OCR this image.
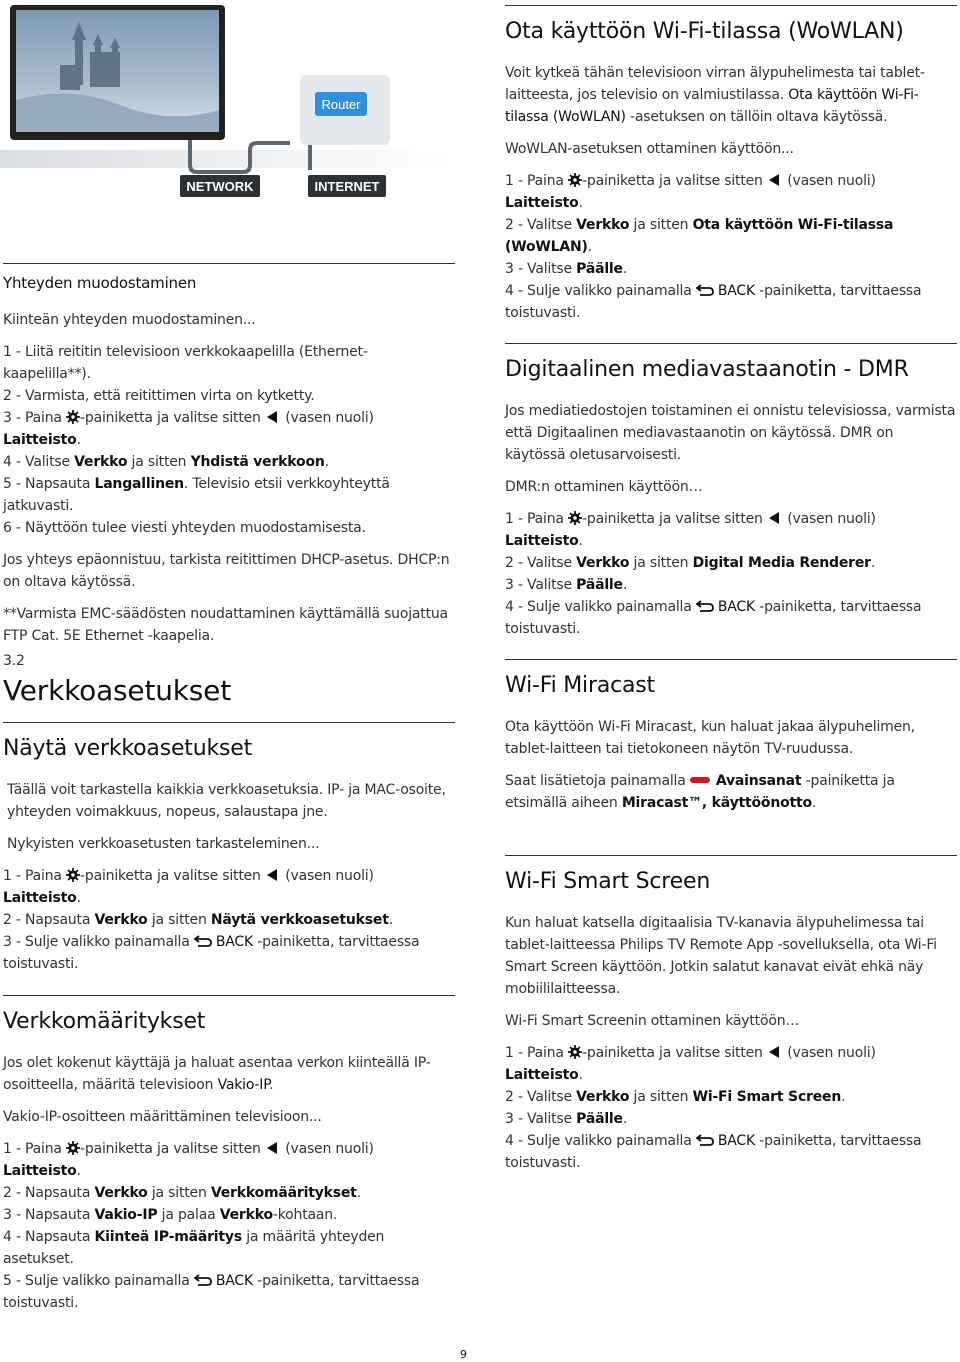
Router
NETWORK	INTERNET

Yhteyden muodostaminen

Kiinteän yhteyden muodostaminen...

1 - Liitä reititin televisioon verkkokaapelilla (Ethernet-kaapelilla**).

2 - Varmista, että reitittimen virta on kytketty.

3 - Paina -painiketta ja valitse sitten  (vasen nuoli) Laitteisto.

4 - Valitse Verkko ja sitten Yhdistä verkkoon.

5 - Napsauta Langallinen. Televisio etsii verkkoyhteyttä jatkuvasti.

6 - Näyttöön tulee viesti yhteyden muodostamisesta.

Jos yhteys epäonnistuu, tarkista reitittimen DHCP-asetus. DHCP:n on oltava käytössä.

**Varmista EMC-säädösten noudattaminen käyttämällä suojattua FTP Cat. 5E Ethernet -kaapelia.

3.2

Verkkoasetukset

Näytä verkkoasetukset

Täällä voit tarkastella kaikkia verkkoasetuksia. IP- ja MAC-osoite, yhteyden voimakkuus, nopeus, salaustapa jne.

Nykyisten verkkoasetusten tarkasteleminen...

1 - Paina -painiketta ja valitse sitten  (vasen nuoli) Laitteisto.

2 - Napsauta Verkko ja sitten Näytä verkkoasetukset.

3 - Sulje valikko painamalla BACK -painiketta, tarvittaessa toistuvasti.

Verkkomääritykset

Jos olet kokenut käyttäjä ja haluat asentaa verkon kiinteällä IP-osoitteella, määritä televisioon Vakio-IP.

Vakio-IP-osoitteen määrittäminen televisioon...

1 - Paina -painiketta ja valitse sitten  (vasen nuoli) Laitteisto.

2 - Napsauta Verkko ja sitten Verkkomääritykset.

3 - Napsauta Vakio-IP ja palaa Verkko-kohtaan.

4 - Napsauta Kiinteä IP-määritys ja määritä yhteyden asetukset.

5 - Sulje valikko painamalla BACK -painiketta, tarvittaessa toistuvasti.

Ota käyttöön Wi-Fi-tilassa (WoWLAN)

Voit kytkeä tähän televisioon virran älypuhelimesta tai tablet-laitteesta, jos televisio on valmiustilassa. Ota käyttöön Wi-Fi-tilassa (WoWLAN) -asetuksen on tällöin oltava käytössä.

WoWLAN-asetuksen ottaminen käyttöön...

1 - Paina -painiketta ja valitse sitten  (vasen nuoli) Laitteisto.

2 - Valitse Verkko ja sitten Ota käyttöön Wi-Fi-tilassa (WoWLAN).

3 - Valitse Päälle.

4 - Sulje valikko painamalla BACK -painiketta, tarvittaessa toistuvasti.

Digitaalinen mediavastaanotin - DMR

Jos mediatiedostojen toistaminen ei onnistu televisiossa, varmista että Digitaalinen mediavastaanotin on käytössä. DMR on käytössä oletusarvoisesti.

DMR:n ottaminen käyttöön…

1 - Paina -painiketta ja valitse sitten  (vasen nuoli) Laitteisto.

2 - Valitse Verkko ja sitten Digital Media Renderer.

3 - Valitse Päälle.

4 - Sulje valikko painamalla BACK -painiketta, tarvittaessa toistuvasti.

Wi-Fi Miracast

Ota käyttöön Wi-Fi Miracast, kun haluat jakaa älypuhelimen, tablet-laitteen tai tietokoneen näytön TV-ruudussa.

Saat lisätietoja painamalla Avainsanat -painiketta ja etsimällä aiheen Miracast™, käyttöönotto.

Wi-Fi Smart Screen

Kun haluat katsella digitaalisia TV-kanavia älypuhelimessa tai tablet-laitteessa Philips TV Remote App -sovelluksella, ota Wi-Fi Smart Screen käyttöön. Jotkin salatut kanavat eivät ehkä näy mobiililaitteessa.

Wi-Fi Smart Screenin ottaminen käyttöön…

1 - Paina -painiketta ja valitse sitten  (vasen nuoli) Laitteisto.

2 - Valitse Verkko ja sitten Wi-Fi Smart Screen.

3 - Valitse Päälle.

4 - Sulje valikko painamalla BACK -painiketta, tarvittaessa toistuvasti.

9
